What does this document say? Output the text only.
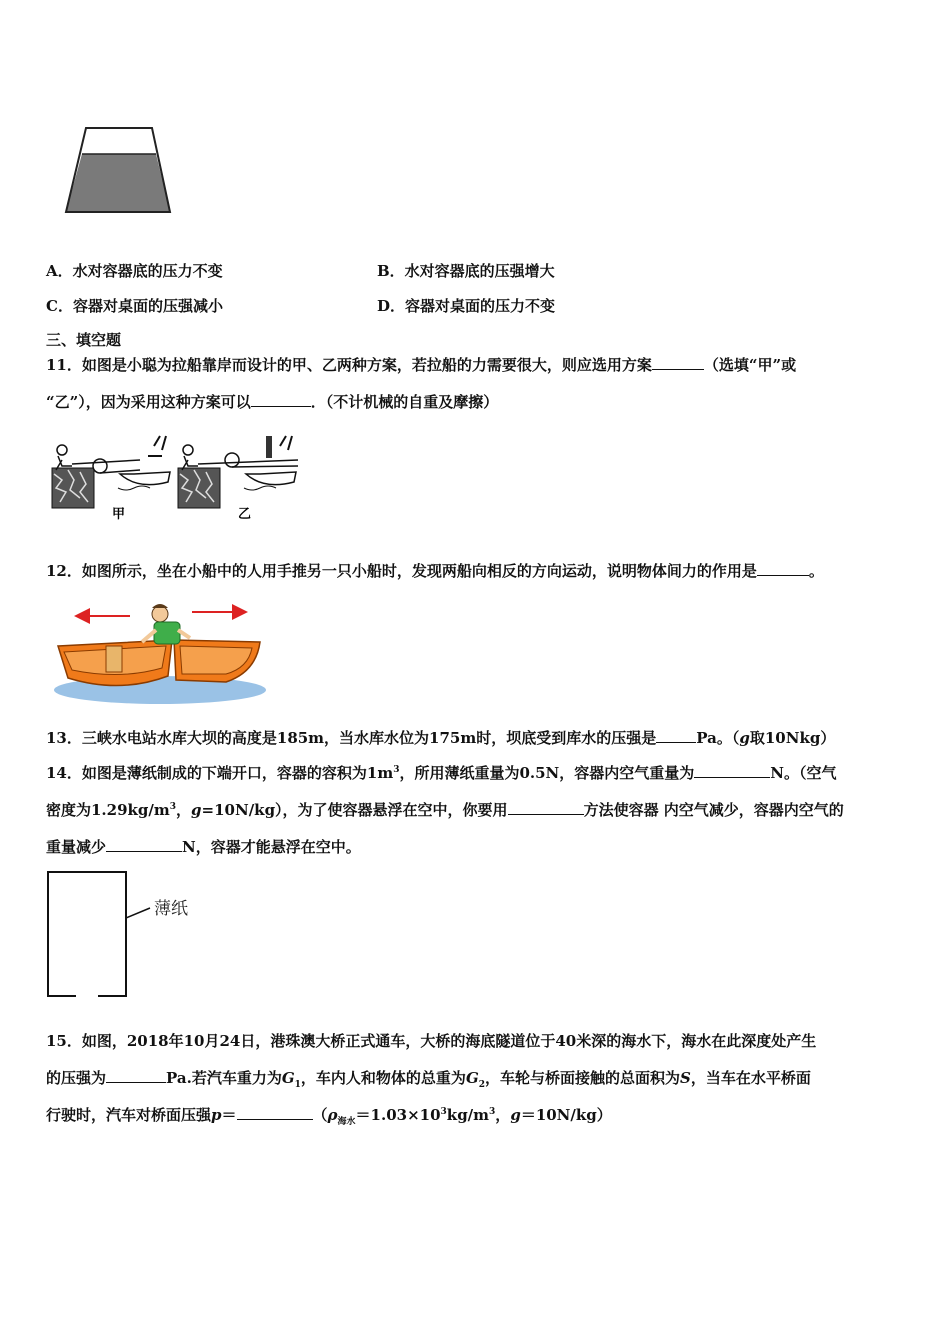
A．水对容器底的压力不变	B．水对容器底的压强增大
C．容器对桌面的压强减小	D．容器对桌面的压力不变
三、填空题
11．如图是小聪为拉船靠岸而设计的甲、乙两种方案，若拉船的力需要很大，则应选用方案	（选填“甲”或
“乙”），因为采用这种方案可以	．（不计机械的自重及摩擦）
甲	乙
12．如图所示，坐在小船中的人用手推另一只小船时，发现两船向相反的方向运动，说明物体间力的作用是	。
13．三峡水电站水库大坝的高度是185m，当水库水位为175m时，坝底受到库水的压强是	Pa。（g取10Nkg）
14．如图是薄纸制成的下端开口，容器的容积为$1m^3$，所用薄纸重量为0.5N，容器内空气重量为	N。（空气
密度为$1.29kg/m^3$，g=10N/kg），为了使容器悬浮在空中，你要用	方法使容器 内空气减少，容器内空气的
重量减少	N，容器才能悬浮在空中。
薄纸
15．如图，2018年10月24日，港珠澳大桥正式通车，大桥的海底隧道位于40米深的海水下，海水在此深度处产生
的压强为	Pa.若汽车重力为$G_1$，车内人和物体的总重为$G_2$，车轮与桥面接触的总面积为S，当车在水平桥面
行驶时，汽车对桥面压强p＝	（$\rho_{海水}=1.03\times 10^3kg/m^3$，g＝10N/kg）
